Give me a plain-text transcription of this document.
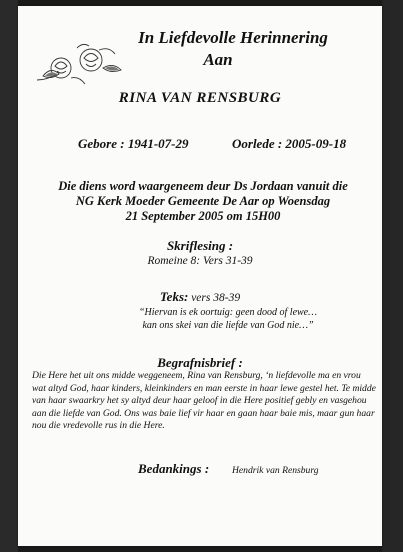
In Liefdevolle Herinnering
Aan
RINA VAN RENSBURG
Gebore : 1941-07-29	Oorlede : 2005-09-18
Die diens word waargeneem deur Ds Jordaan vanuit die
NG Kerk Moeder Gemeente De Aar op Woensdag
21 September 2005 om 15H00
Skriflesing :
Romeine 8: Vers 31-39
Teks: vers 38-39
“Hiervan is ek oortuig: geen dood of lewe…
kan ons skei van die liefde van God nie…”
Begrafnisbrief :
Die Here het uit ons midde weggeneem, Rina van Rensburg, ‘n liefdevolle ma en vrou wat altyd God, haar kinders, kleinkinders en man eerste in haar lewe gestel het. Te midde van haar swaarkry het sy altyd deur haar geloof in die Here positief gebly en vasgehou aan die liefde van God. Ons was baie lief vir haar en gaan haar baie mis, maar gun haar nou die vredevolle rus in die Here.
Bedankings : Hendrik van Rensburg
